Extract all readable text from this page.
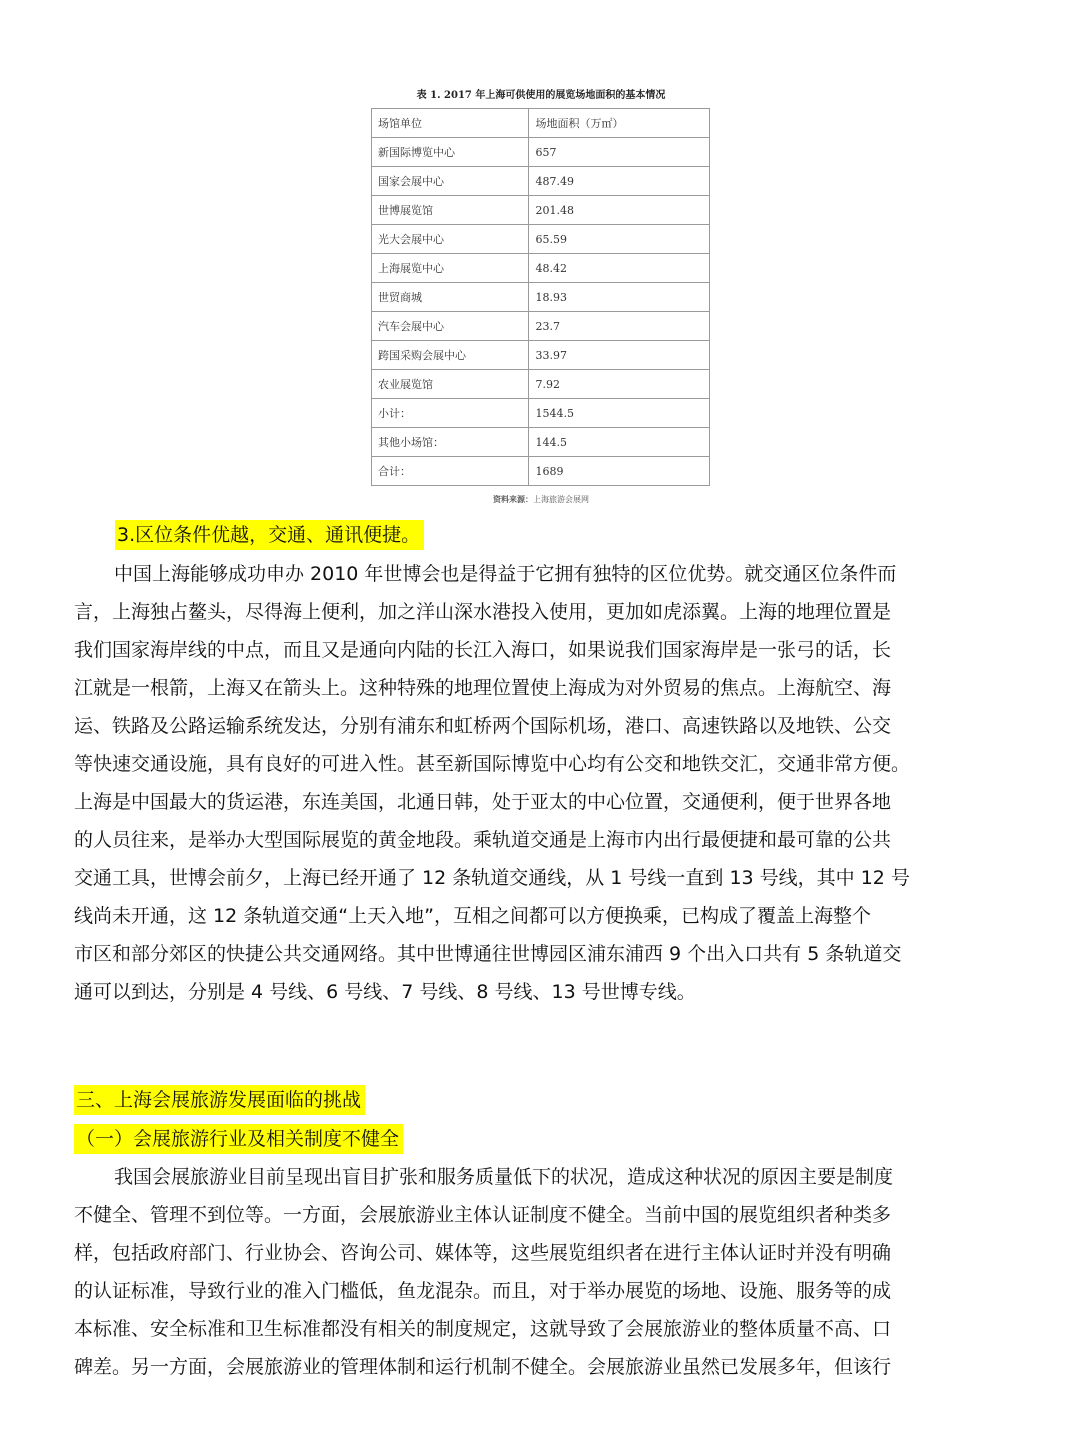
表 1. 2017 年上海可供使用的展览场地面积的基本情况
场馆单位	场地面积（万㎡）
新国际博览中心	657
国家会展中心	487.49
世博展览馆	201.48
光大会展中心	65.59
上海展览中心	48.42
世贸商城	18.93
汽车会展中心	23.7
跨国采购会展中心	33.97
农业展览馆	7.92
小计：	1544.5
其他小场馆：	144.5
合计：	1689
资料来源：上海旅游会展网
3.区位条件优越，交通、通讯便捷。
中国上海能够成功申办 2010 年世博会也是得益于它拥有独特的区位优势。就交通区位条件而
言，上海独占鳌头，尽得海上便利，加之洋山深水港投入使用，更加如虎添翼。上海的地理位置是
我们国家海岸线的中点，而且又是通向内陆的长江入海口，如果说我们国家海岸是一张弓的话，长
江就是一根箭，上海又在箭头上。这种特殊的地理位置使上海成为对外贸易的焦点。上海航空、海
运、铁路及公路运输系统发达，分别有浦东和虹桥两个国际机场，港口、高速铁路以及地铁、公交
等快速交通设施，具有良好的可进入性。甚至新国际博览中心均有公交和地铁交汇，交通非常方便。
上海是中国最大的货运港，东连美国，北通日韩，处于亚太的中心位置，交通便利，便于世界各地
的人员往来，是举办大型国际展览的黄金地段。乘轨道交通是上海市内出行最便捷和最可靠的公共
交通工具，世博会前夕，上海已经开通了 12 条轨道交通线，从 1 号线一直到 13 号线，其中 12 号
线尚未开通，这 12 条轨道交通“上天入地”，互相之间都可以方便换乘，已构成了覆盖上海整个
市区和部分郊区的快捷公共交通网络。其中世博通往世博园区浦东浦西 9 个出入口共有 5 条轨道交
通可以到达，分别是 4 号线、6 号线、7 号线、8 号线、13 号世博专线。
三、上海会展旅游发展面临的挑战
（一）会展旅游行业及相关制度不健全
我国会展旅游业目前呈现出盲目扩张和服务质量低下的状况，造成这种状况的原因主要是制度
不健全、管理不到位等。一方面，会展旅游业主体认证制度不健全。当前中国的展览组织者种类多
样，包括政府部门、行业协会、咨询公司、媒体等，这些展览组织者在进行主体认证时并没有明确
的认证标准，导致行业的准入门槛低，鱼龙混杂。而且，对于举办展览的场地、设施、服务等的成
本标准、安全标准和卫生标准都没有相关的制度规定，这就导致了会展旅游业的整体质量不高、口
碑差。另一方面，会展旅游业的管理体制和运行机制不健全。会展旅游业虽然已发展多年，但该行
